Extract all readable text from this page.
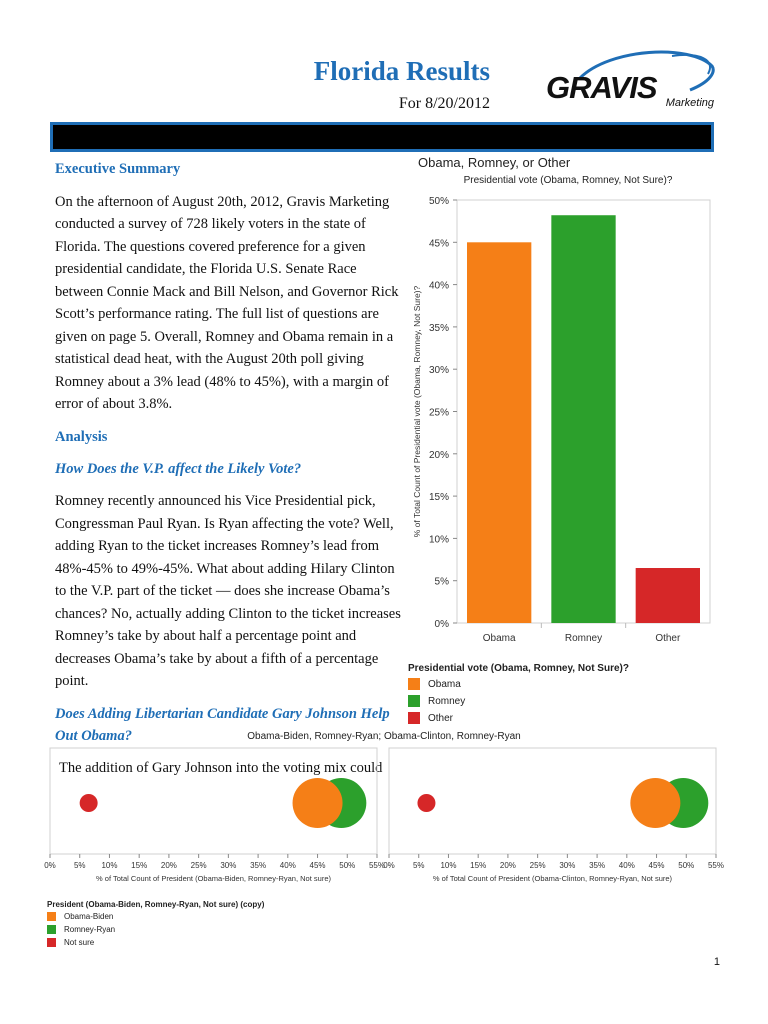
Florida Results
For 8/20/2012 GRAVIS Marketing
Executive Summary

On the afternoon of August 20th, 2012, Gravis Marketing conducted a survey of 728 likely voters in the state of Florida. The questions covered preference for a given presidential candidate, the Florida U.S. Senate Race between Connie Mack and Bill Nelson, and Governor Rick Scott’s performance rating. The full list of questions are given on page 5. Overall, Romney and Obama remain in a statistical dead heat, with the August 20th poll giving Romney about a 3% lead (48% to 45%), with a margin of error of about 3.8%.

Analysis
How Does the V.P. affect the Likely Vote?

Romney recently announced his Vice Presidential pick, Congressman Paul Ryan. Is Ryan affecting the vote? Well, adding Ryan to the ticket increases Romney’s lead from 48%-45% to 49%-45%. What about adding Hilary Clinton to the V.P. part of the ticket — does she increase Obama’s chances? No, actually adding Clinton to the ticket increases Romney’s take by about half a percentage point and decreases Obama’s take by about a fifth of a percentage point.

Does Adding Libertarian Candidate Gary Johnson Help Out Obama?

The addition of Gary Johnson into the voting mix could

Obama, Romney, or Other
Presidential vote (Obama, Romney, Not Sure)?
0%
5%
10%
15%
20%
25%
30%
35%
40%
45%
50%
Obama	Romney	Other
% of Total Count of Presidential vote (Obama, Romney, Not Sure)?
Presidential vote (Obama, Romney, Not Sure)?
Obama
Romney
Other
Obama-Biden, Romney-Ryan; Obama-Clinton, Romney-Ryan
0% 5% 10% 15% 20% 25% 30% 35% 40% 45% 50% 55%
% of Total Count of President (Obama-Biden, Romney-Ryan, Not sure)
0% 5% 10% 15% 20% 25% 30% 35% 40% 45% 50% 55%
% of Total Count of President (Obama-Clinton, Romney-Ryan, Not sure)
President (Obama-Biden, Romney-Ryan, Not sure) (copy)
Obama-Biden
Romney-Ryan
Not sure
1
